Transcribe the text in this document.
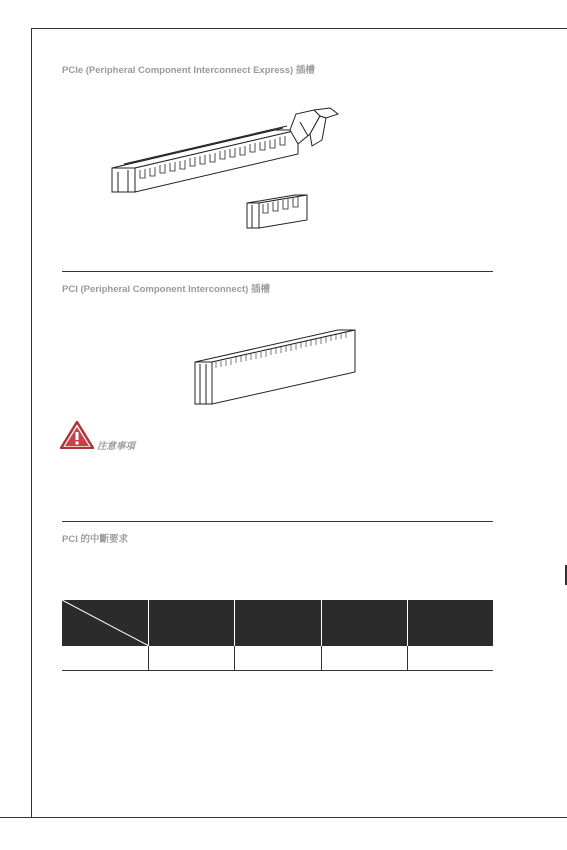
PCIe (Peripheral Component Interconnect Express) 插槽
PCI (Peripheral Component Interconnect) 插槽
注意事項
PCI 的中斷要求
